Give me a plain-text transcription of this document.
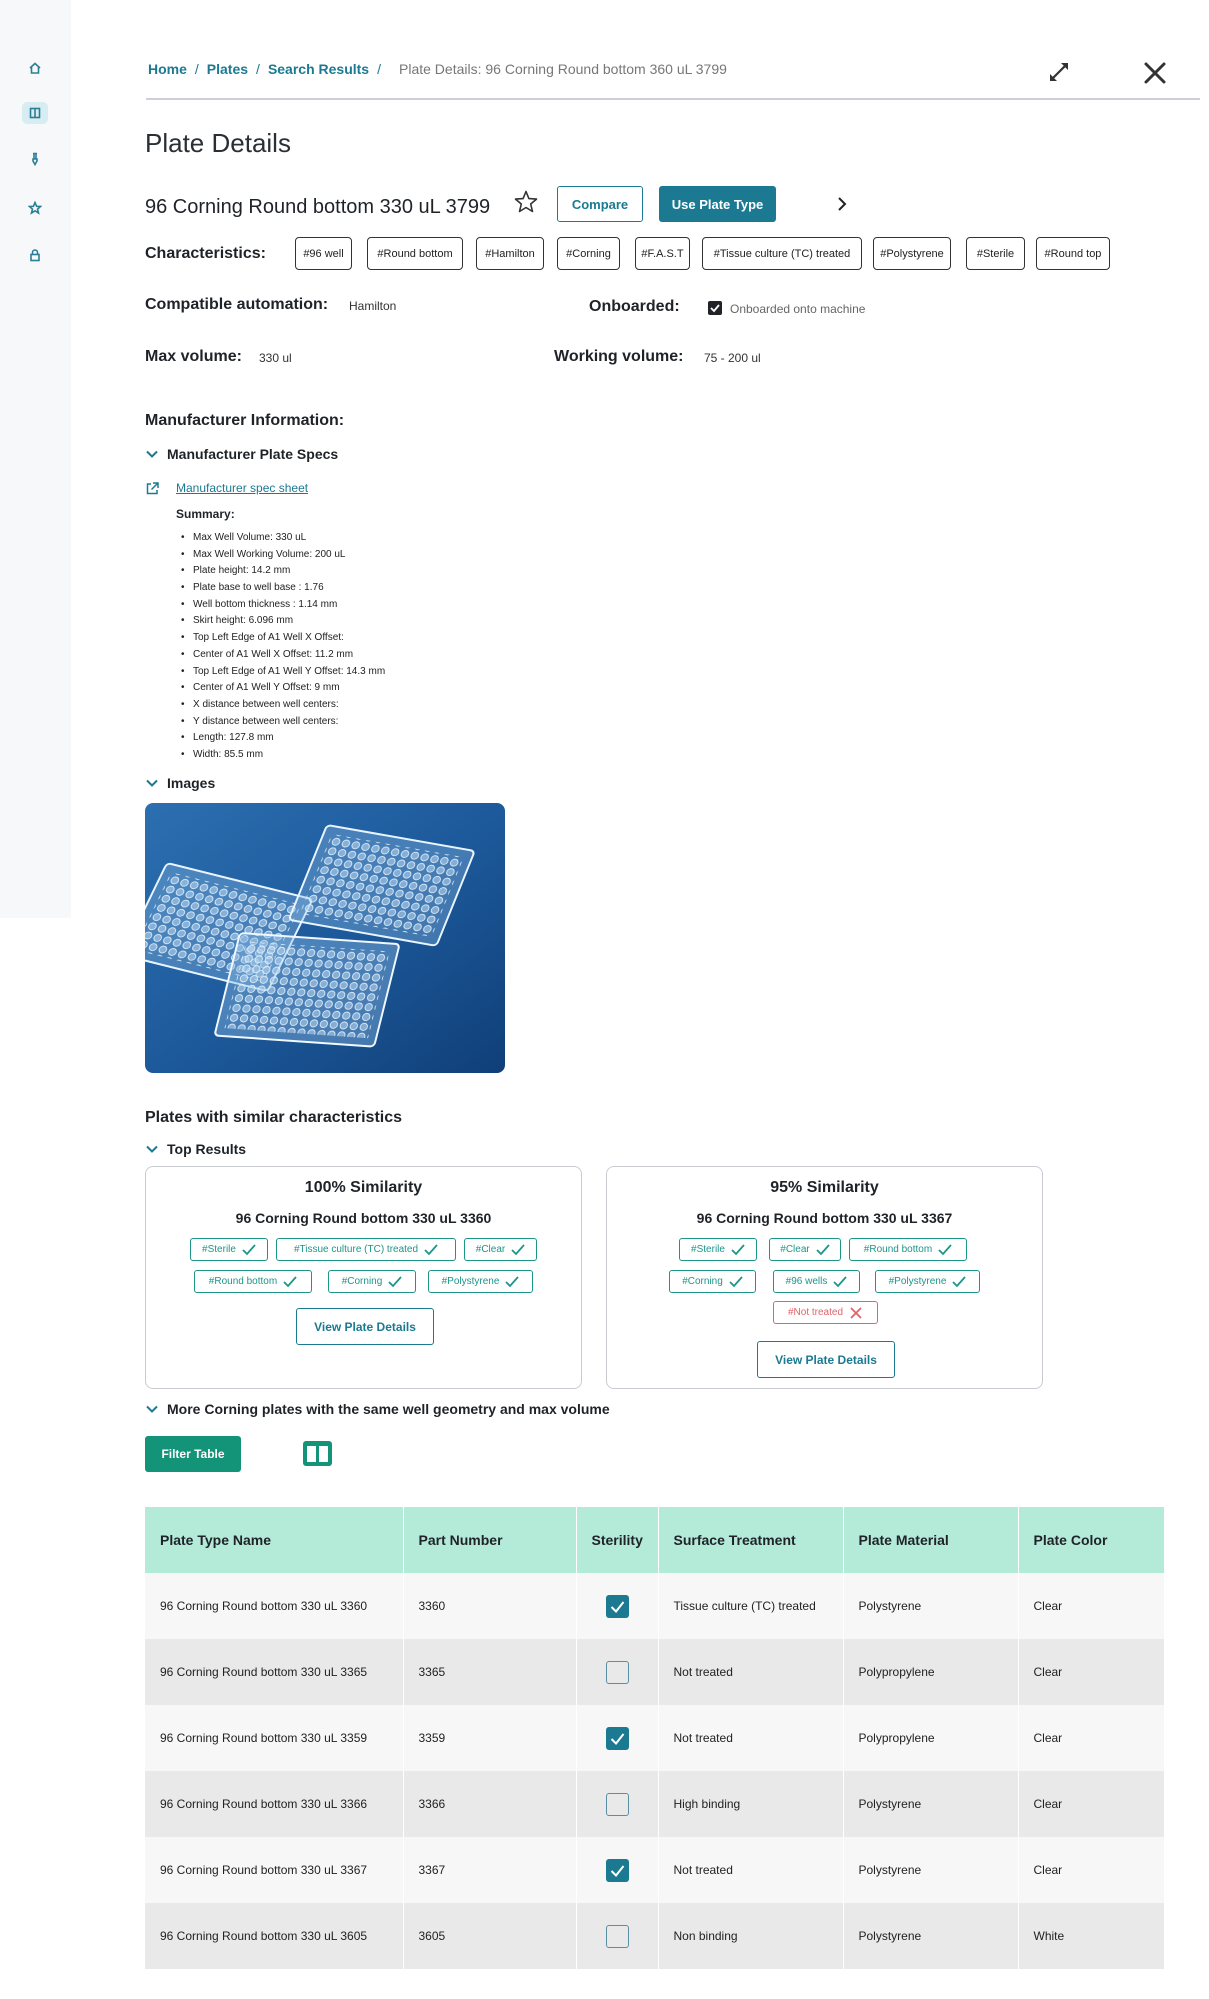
Home / Plates / Search Results / Plate Details: 96 Corning Round bottom 360 uL 3799
Plate Details
96 Corning Round bottom 330 uL 3799	Compare	Use Plate Type
Characteristics:	#96 well	#Round bottom	#Hamilton	#Corning	#F.A.S.T	#Tissue culture (TC) treated	#Polystyrene	#Sterile	#Round top
Compatible automation: Hamilton	Onboarded:	Onboarded onto machine
Max volume: 330 ul	Working volume: 75 - 200 ul
Manufacturer Information:
Manufacturer Plate Specs
Manufacturer spec sheet
Summary:
• Max Well Volume: 330 uL
• Max Well Working Volume: 200 uL
• Plate height: 14.2 mm
• Plate base to well base : 1.76
• Well bottom thickness : 1.14 mm
• Skirt height: 6.096 mm
• Top Left Edge of A1 Well X Offset:
• Center of A1 Well X Offset: 11.2 mm
• Top Left Edge of A1 Well Y Offset: 14.3 mm
• Center of A1 Well Y Offset: 9 mm
• X distance between well centers:
• Y distance between well centers:
• Length: 127.8 mm
• Width: 85.5 mm
Images
Plates with similar characteristics
Top Results
100% Similarity
96 Corning Round bottom 330 uL 3360
#Sterile	#Tissue culture (TC) treated	#Clear
#Round bottom	#Corning	#Polystyrene
View Plate Details
95% Similarity
96 Corning Round bottom 330 uL 3367
#Sterile	#Clear	#Round bottom
#Corning	#96 wells	#Polystyrene
#Not treated
View Plate Details
More Corning plates with the same well geometry and max volume
Filter Table
Plate Type Name	Part Number	Sterility	Surface Treatment	Plate Material	Plate Color
96 Corning Round bottom 330 uL 3360	3360		Tissue culture (TC) treated	Polystyrene	Clear
96 Corning Round bottom 330 uL 3365	3365		Not treated	Polypropylene	Clear
96 Corning Round bottom 330 uL 3359	3359		Not treated	Polypropylene	Clear
96 Corning Round bottom 330 uL 3366	3366		High binding	Polystyrene	Clear
96 Corning Round bottom 330 uL 3367	3367		Not treated	Polystyrene	Clear
96 Corning Round bottom 330 uL 3605	3605		Non binding	Polystyrene	White
